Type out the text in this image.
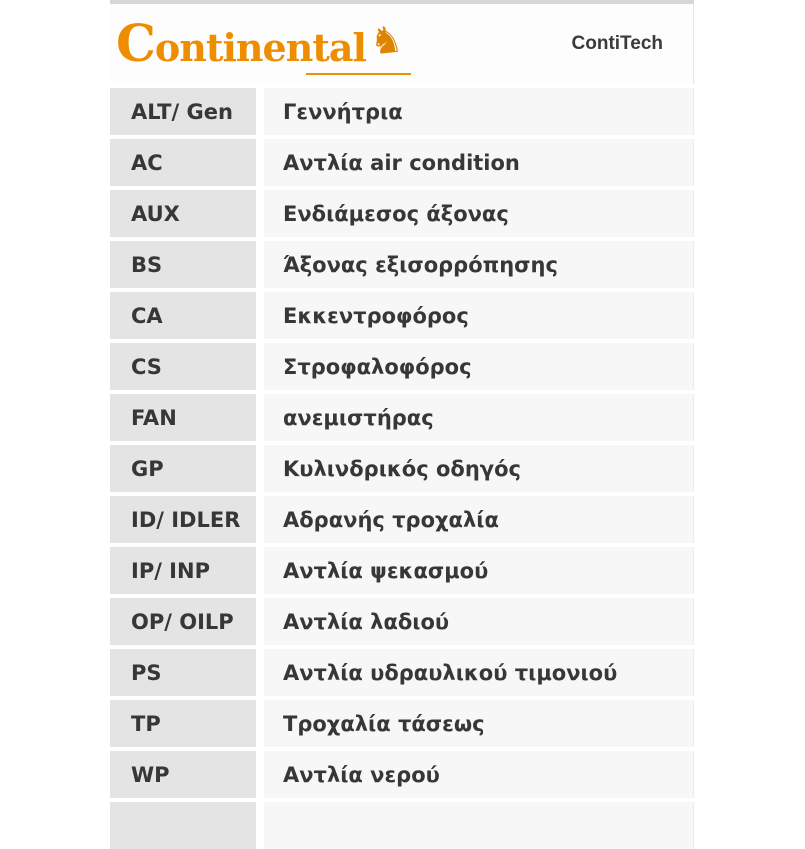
Continental ♞	ContiTech
ALT/ Gen	Γεννήτρια
AC	Αντλία air condition
AUX	Ενδιάμεσος άξονας
BS	Άξονας εξισορρόπησης
CA	Εκκεντροφόρος
CS	Στροφαλοφόρος
FAN	ανεμιστήρας
GP	Κυλινδρικός οδηγός
ID/ IDLER	Αδρανής τροχαλία
IP/ INP	Αντλία ψεκασμού
OP/ OILP	Αντλία λαδιού
PS	Αντλία υδραυλικού τιμονιού
TP	Τροχαλία τάσεως
WP	Αντλία νερού
